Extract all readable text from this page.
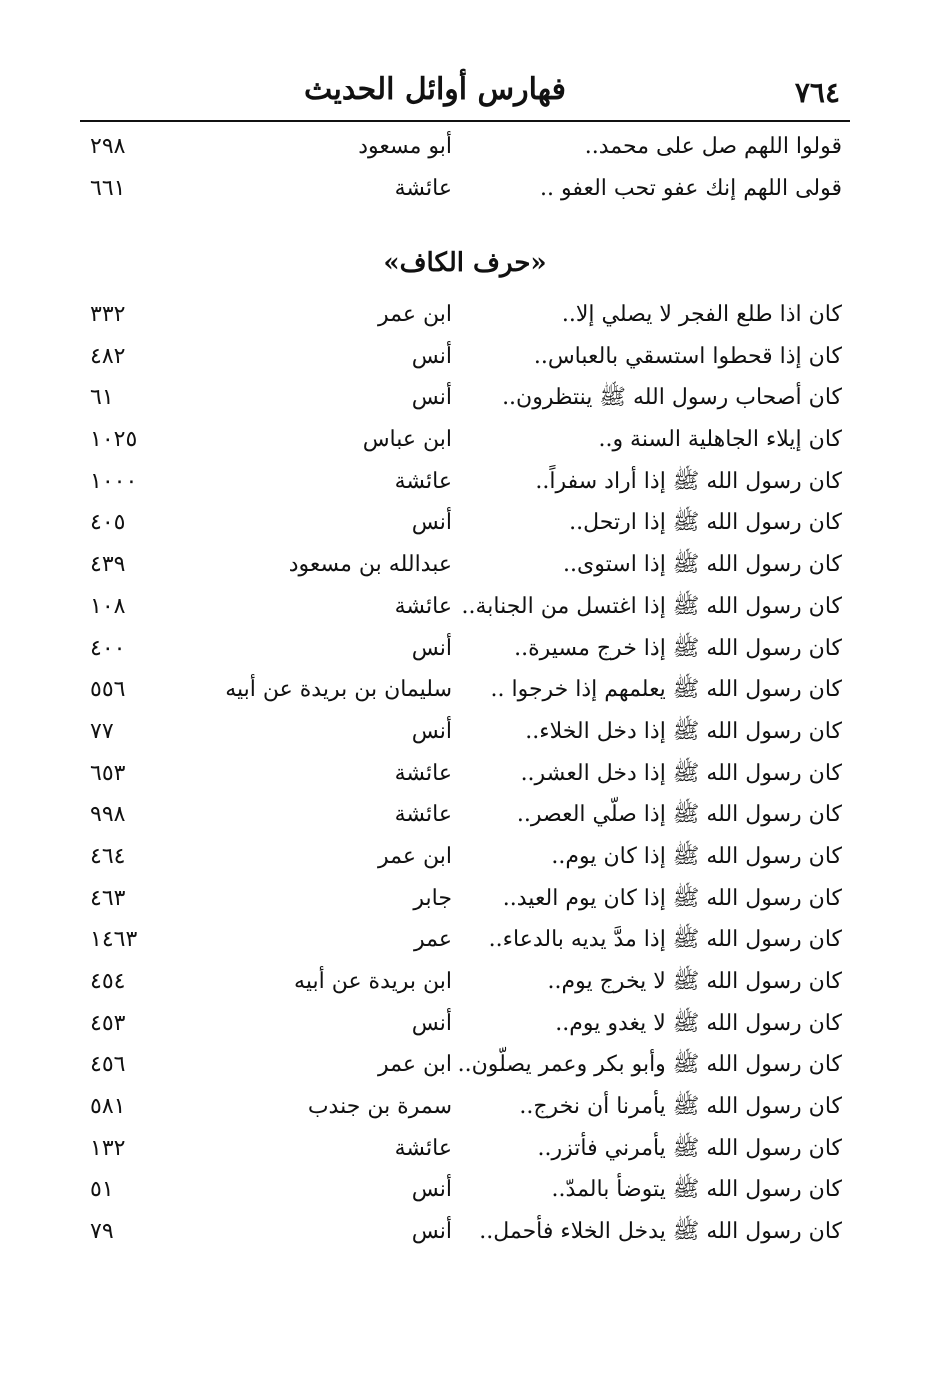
٧٦٤
فهارس أوائل الحديث
قولوا اللهم صل على محمد..
أبو مسعود
٢٩٨
قولى اللهم إنك عفو تحب العفو ..
عائشة
٦٦١
«حرف الكاف»
كان اذا طلع الفجر لا يصلي إلا..
ابن عمر
٣٣٢
كان إذا قحطوا استسقي بالعباس..
أنس
٤٨٢
كان أصحاب رسول الله ﷺ ينتظرون..
أنس
٦١
كان إيلاء الجاهلية السنة و..
ابن عباس
١٠٢٥
كان رسول الله ﷺ إذا أراد سفراً..
عائشة
١٠٠٠
كان رسول الله ﷺ إذا ارتحل..
أنس
٤٠٥
كان رسول الله ﷺ إذا استوى..
عبدالله بن مسعود
٤٣٩
كان رسول الله ﷺ إذا اغتسل من الجنابة..
عائشة
١٠٨
كان رسول الله ﷺ إذا خرج مسيرة..
أنس
٤٠٠
كان رسول الله ﷺ يعلمهم إذا خرجوا ..
سليمان بن بريدة عن أبيه
٥٥٦
كان رسول الله ﷺ إذا دخل الخلاء..
أنس
٧٧
كان رسول الله ﷺ إذا دخل العشر..
عائشة
٦٥٣
كان رسول الله ﷺ إذا صلّي العصر..
عائشة
٩٩٨
كان رسول الله ﷺ إذا كان يوم..
ابن عمر
٤٦٤
كان رسول الله ﷺ إذا كان يوم العيد..
جابر
٤٦٣
كان رسول الله ﷺ إذا مدَّ يديه بالدعاء..
عمر
١٤٦٣
كان رسول الله ﷺ لا يخرج يوم..
ابن بريدة عن أبيه
٤٥٤
كان رسول الله ﷺ لا يغدو يوم..
أنس
٤٥٣
كان رسول الله ﷺ وأبو بكر وعمر يصلّون..
ابن عمر
٤٥٦
كان رسول الله ﷺ يأمرنا أن نخرج..
سمرة بن جندب
٥٨١
كان رسول الله ﷺ يأمرني فأتزر..
عائشة
١٣٢
كان رسول الله ﷺ يتوضأ بالمدّ..
أنس
٥١
كان رسول الله ﷺ يدخل الخلاء فأحمل..
أنس
٧٩
